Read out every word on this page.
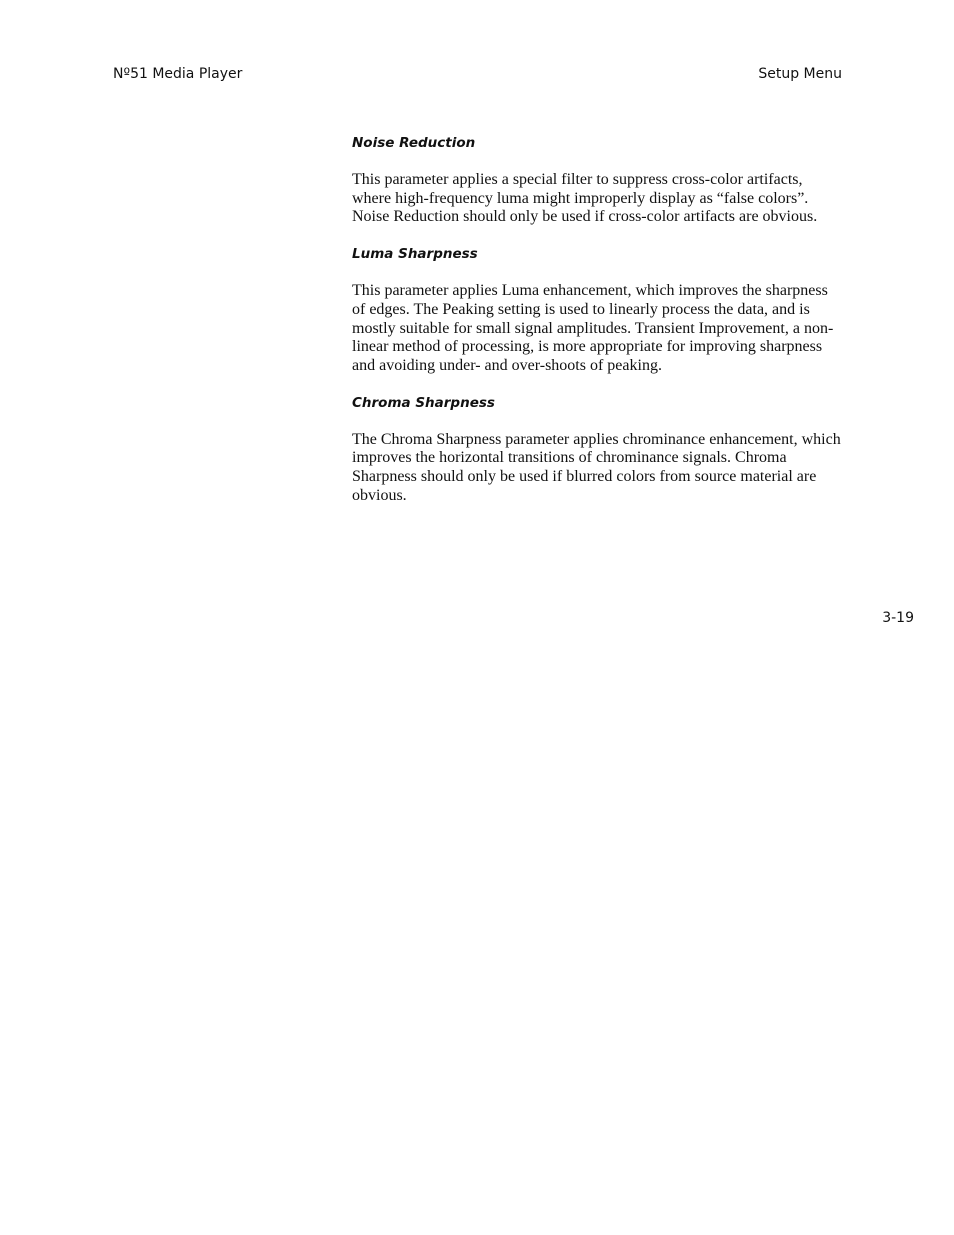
Nº51 Media Player	Setup Menu
Noise Reduction
This parameter applies a special filter to suppress cross-color artifacts, where high-frequency luma might improperly display as “false colors”. Noise Reduction should only be used if cross-color artifacts are obvious.
Luma Sharpness
This parameter applies Luma enhancement, which improves the sharpness of edges. The Peaking setting is used to linearly process the data, and is mostly suitable for small signal amplitudes. Transient Improvement, a non-linear method of processing, is more appropriate for improving sharpness and avoiding under- and over-shoots of peaking.
Chroma Sharpness
The Chroma Sharpness parameter applies chrominance enhancement, which improves the horizontal transitions of chrominance signals. Chroma Sharpness should only be used if blurred colors from source material are obvious.
3-19
